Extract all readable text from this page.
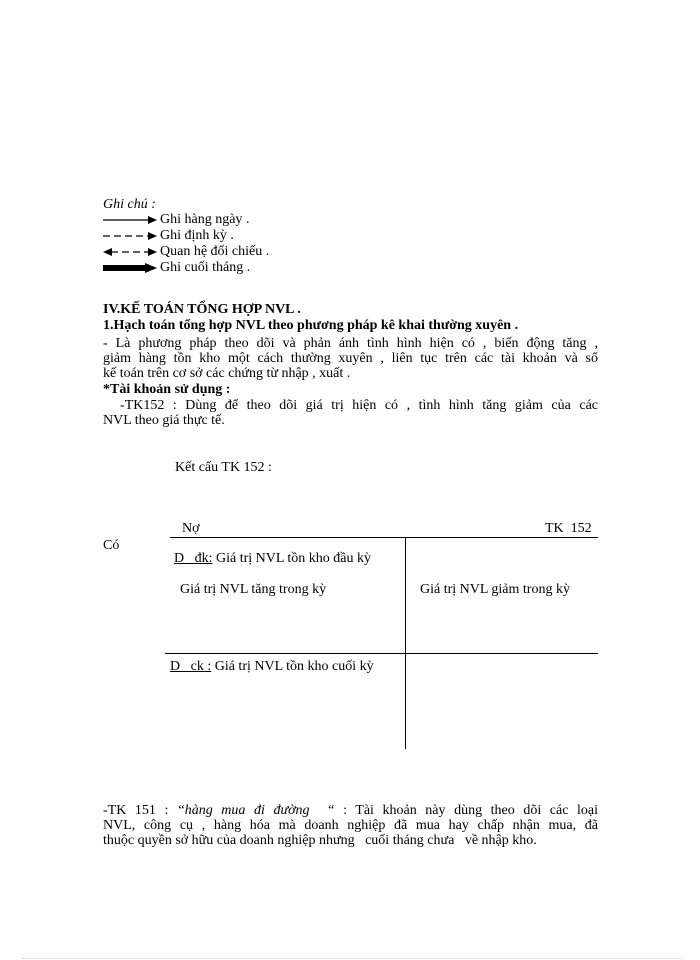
Ghi chú :
Ghi hàng ngày .
Ghi định kỳ .
Quan hệ đối chiếu .
Ghi cuối tháng .
IV.KẾ TOÁN TỔNG HỢP NVL .
1.Hạch toán tổng hợp NVL theo phương pháp kê khai thường xuyên .
- Là phương pháp theo dõi và phản ánh tình hình hiện có , biến động tăng ,
giảm hàng tồn kho một cách thường xuyên , liên tục trên các tài khoản và sổ
kế toán trên cơ sở các chứng từ nhập , xuất .
*Tài khoản sử dụng :
-TK152 : Dùng để theo dõi giá trị hiện có , tình hình tăng giảm của các
NVL theo giá thực tế.
Kết cấu TK 152 :
Nợ	TK  152
Có
D   đk: Giá trị NVL tồn kho đầu kỳ
Giá trị NVL tăng trong kỳ	Giá trị NVL giảm trong kỳ
D   ck : Giá trị NVL tồn kho cuối kỳ
-TK 151 : “hàng mua đi đường  “ : Tài khoản này dùng theo dõi các loại
NVL, công cụ , hàng hóa mà doanh nghiệp đã mua hay chấp nhận mua, đã
thuộc quyền sở hữu của doanh nghiệp nhưng   cuối tháng chưa   về nhập kho.
